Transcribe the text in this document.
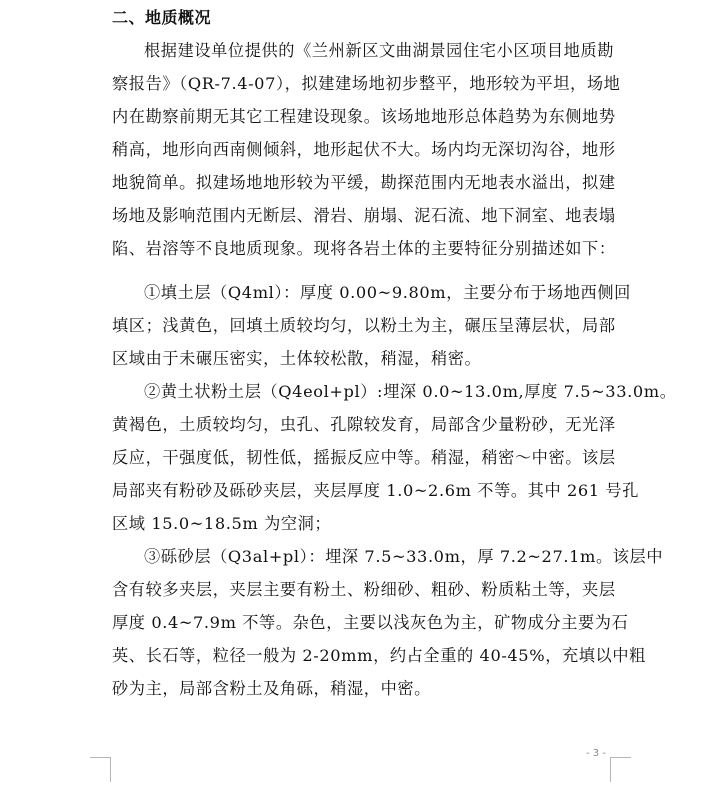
二、地质概况
根据建设单位提供的《兰州新区文曲湖景园住宅小区项目地质勘
察报告》（QR-7.4-07），拟建建场地初步整平，地形较为平坦，场地
内在勘察前期无其它工程建设现象。该场地地形总体趋势为东侧地势
稍高，地形向西南侧倾斜，地形起伏不大。场内均无深切沟谷，地形
地貌简单。拟建场地地形较为平缓，勘探范围内无地表水溢出，拟建
场地及影响范围内无断层、滑岩、崩塌、泥石流、地下洞室、地表塌
陷、岩溶等不良地质现象。现将各岩土体的主要特征分别描述如下：
➀填土层（Q4ml）：厚度 0.00~9.80m，主要分布于场地西侧回
填区；浅黄色，回填土质较均匀，以粉土为主，碾压呈薄层状，局部
区域由于未碾压密实，土体较松散，稍湿，稍密。
➁黄土状粉土层（Q4eol+pl）:埋深 0.0~13.0m,厚度 7.5~33.0m。
黄褐色，土质较均匀，虫孔、孔隙较发育，局部含少量粉砂，无光泽
反应，干强度低，韧性低，摇振反应中等。稍湿，稍密～中密。该层
局部夹有粉砂及砾砂夹层，夹层厚度 1.0~2.6m 不等。其中 261 号孔
区域 15.0~18.5m 为空洞；
➂砾砂层（Q3al+pl）：埋深 7.5~33.0m，厚 7.2~27.1m。该层中
含有较多夹层，夹层主要有粉土、粉细砂、粗砂、粉质粘土等，夹层
厚度 0.4~7.9m 不等。杂色，主要以浅灰色为主，矿物成分主要为石
英、长石等，粒径一般为 2-20mm，约占全重的 40-45%，充填以中粗
砂为主，局部含粉土及角砾，稍湿，中密。
- 3 -
